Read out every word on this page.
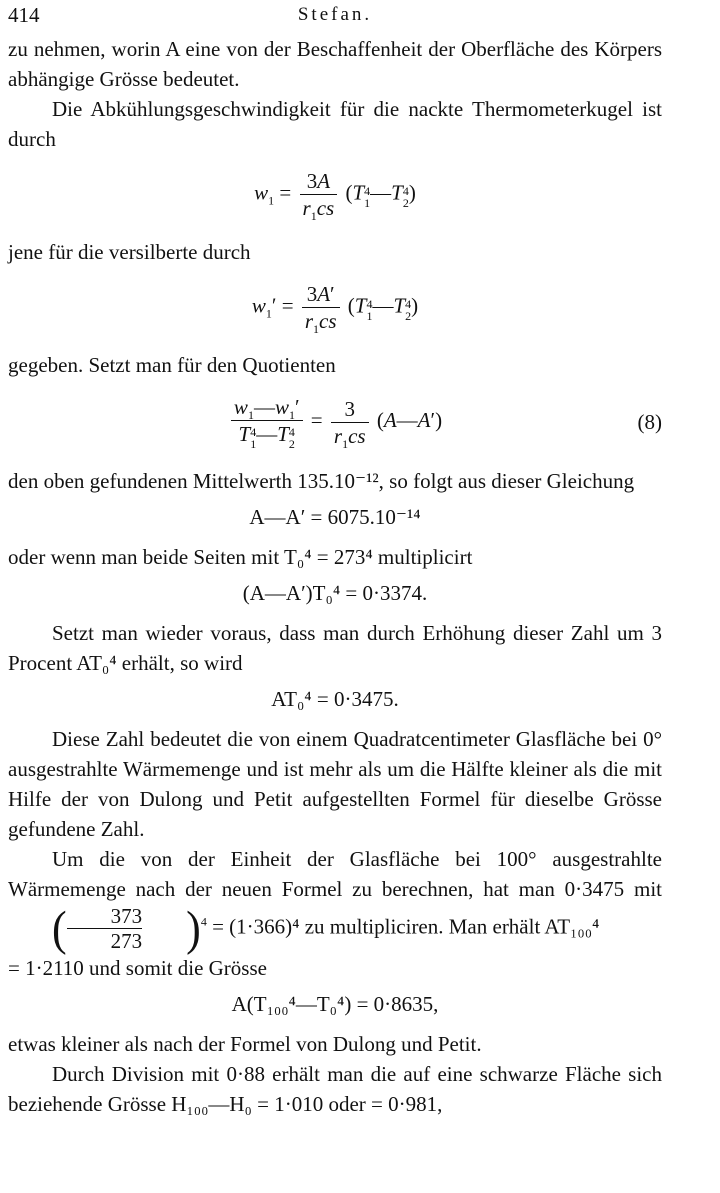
414	Stefan.

zu nehmen, worin A eine von der Beschaffenheit der Oberfläche des Körpers abhängige Grösse bedeutet.

Die Abkühlungsgeschwindigkeit für die nackte Thermometerkugel ist durch

$w_1 = \frac{3A}{r_1cs} (T$ 4
1 —T 4
2 )

jene für die versilberte durch

$w_1' = \frac{3A'}{r_1cs} (T$ 4
1 —T 4
2 )

gegeben. Setzt man für den Quotienten

$w_1—w_1'$
T 4
1 —T 4
$2 = \frac{3}{r_1cs}$ (A—A′)	(8)

den oben gefundenen Mittelwerth 135.10⁻¹², so folgt aus dieser Gleichung

A—A′ = 6075.10⁻¹⁴

oder wenn man beide Seiten mit T₀⁴ = 273⁴ multiplicirt

(A—A′)T₀⁴ = 0·3374.

Setzt man wieder voraus, dass man durch Erhöhung dieser Zahl um 3 Procent AT₀⁴ erhält, so wird

AT₀⁴ = 0·3475.

Diese Zahl bedeutet die von einem Quadratcentimeter Glasfläche bei 0° ausgestrahlte Wärmemenge und ist mehr als um die Hälfte kleiner als die mit Hilfe der von Dulong und Petit aufgestellten Formel für dieselbe Grösse gefundene Zahl.

Um die von der Einheit der Glasfläche bei 100° ausgestrahlte Wärmemenge nach der neuen Formel zu berechnen, hat man 0·3475 mit ( $\frac{373}{273} )^4 = (1\cdot 366)^4$ zu multipliciren. Man erhält AT₁₀₀⁴

= 1·2110 und somit die Grösse

A(T₁₀₀⁴—T₀⁴) = 0·8635,

etwas kleiner als nach der Formel von Dulong und Petit.

Durch Division mit 0·88 erhält man die auf eine schwarze Fläche sich beziehende Grösse H₁₀₀—H₀ = 1·010 oder = 0·981,
